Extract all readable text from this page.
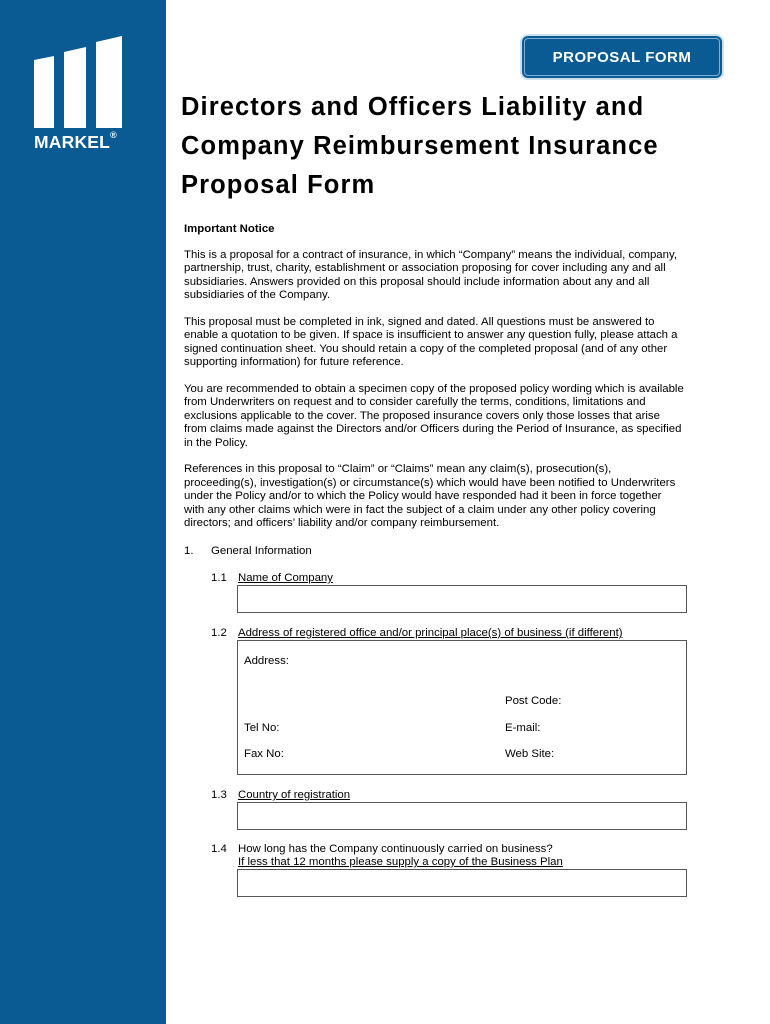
MARKEL®
PROPOSAL FORM
Directors and Officers Liability and
Company Reimbursement Insurance
Proposal Form
Important Notice
This is a proposal for a contract of insurance, in which “Company” means the individual, company, partnership, trust, charity, establishment or association proposing for cover including any and all subsidiaries. Answers provided on this proposal should include information about any and all subsidiaries of the Company.
This proposal must be completed in ink, signed and dated. All questions must be answered to enable a quotation to be given. If space is insufficient to answer any question fully, please attach a signed continuation sheet. You should retain a copy of the completed proposal (and of any other supporting information) for future reference.
You are recommended to obtain a specimen copy of the proposed policy wording which is available from Underwriters on request and to consider carefully the terms, conditions, limitations and exclusions applicable to the cover. The proposed insurance covers only those losses that arise from claims made against the Directors and/or Officers during the Period of Insurance, as specified in the Policy.
References in this proposal to “Claim” or “Claims” mean any claim(s), prosecution(s), proceeding(s), investigation(s) or circumstance(s) which would have been notified to Underwriters under the Policy and/or to which the Policy would have responded had it been in force together with any other claims which were in fact the subject of a claim under any other policy covering directors; and officers’ liability and/or company reimbursement.
1. General Information
1.1 Name of Company
1.2 Address of registered office and/or principal place(s) of business (if different)
Address:
Post Code:
Tel No:	E-mail:
Fax No:	Web Site:
1.3 Country of registration
1.4 How long has the Company continuously carried on business?
If less that 12 months please supply a copy of the Business Plan
